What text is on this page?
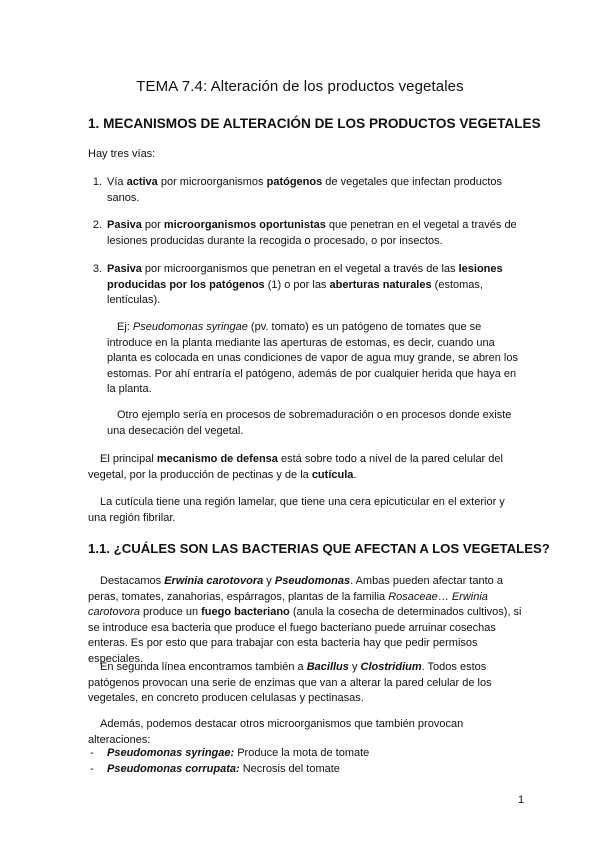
TEMA 7.4: Alteración de los productos vegetales
1. MECANISMOS DE ALTERACIÓN DE LOS PRODUCTOS VEGETALES

Hay tres vías:

1. Vía activa por microorganismos patógenos de vegetales que infectan productos sanos.

2. Pasiva por microorganismos oportunistas que penetran en el vegetal a través de lesiones producidas durante la recogida o procesado, o por insectos.

3. Pasiva por microorganismos que penetran en el vegetal a través de las lesiones producidas por los patógenos (1) o por las aberturas naturales (estomas, lentículas).

Ej: Pseudomonas syringae (pv. tomato) es un patógeno de tomates que se introduce en la planta mediante las aperturas de estomas, es decir, cuando una planta es colocada en unas condiciones de vapor de agua muy grande, se abren los estomas. Por ahí entraría el patógeno, además de por cualquier herida que haya en la planta.

Otro ejemplo sería en procesos de sobremaduración o en procesos donde existe una desecación del vegetal.

El principal mecanismo de defensa está sobre todo a nivel de la pared celular del vegetal, por la producción de pectinas y de la cutícula.

La cutícula tiene una región lamelar, que tiene una cera epicuticular en el exterior y una región fibrilar.

1.1. ¿CUÁLES SON LAS BACTERIAS QUE AFECTAN A LOS VEGETALES?

Destacamos Erwinia carotovora y Pseudomonas. Ambas pueden afectar tanto a peras, tomates, zanahorias, espárragos, plantas de la familia Rosaceae… Erwinia carotovora produce un fuego bacteriano (anula la cosecha de determinados cultivos), si se introduce esa bacteria que produce el fuego bacteriano puede arruinar cosechas enteras. Es por esto que para trabajar con esta bacteria hay que pedir permisos especiales.

En segunda línea encontramos también a Bacillus y Clostridium. Todos estos patógenos provocan una serie de enzimas que van a alterar la pared celular de los vegetales, en concreto producen celulasas y pectinasas.

Además, podemos destacar otros microorganismos que también provocan alteraciones:

- Pseudomonas syringae: Produce la mota de tomate

- Pseudomonas corrupata: Necrosis del tomate

1
